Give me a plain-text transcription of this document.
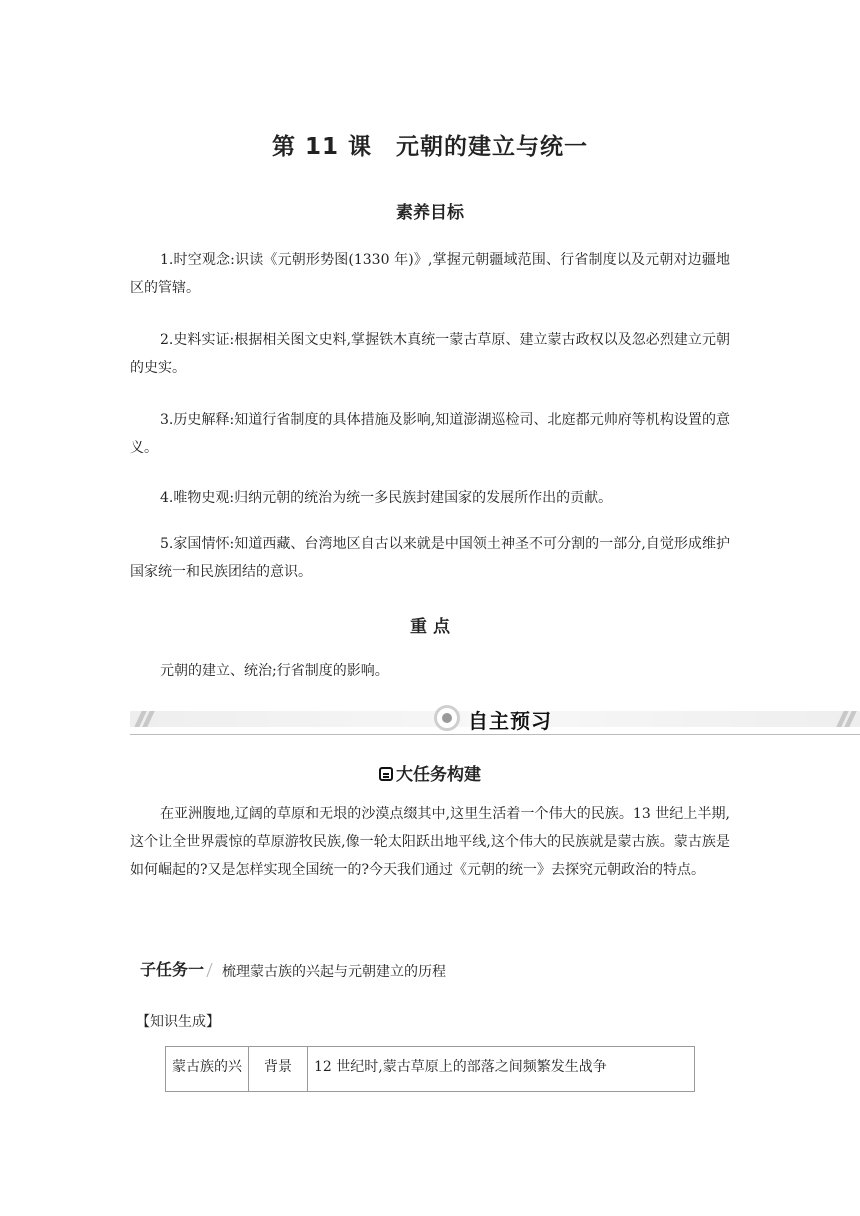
第 11 课　元朝的建立与统一
素养目标
1.时空观念:识读《元朝形势图(1330 年)》,掌握元朝疆域范围、行省制度以及元朝对边疆地区的管辖。
2.史料实证:根据相关图文史料,掌握铁木真统一蒙古草原、建立蒙古政权以及忽必烈建立元朝的史实。
3.历史解释:知道行省制度的具体措施及影响,知道澎湖巡检司、北庭都元帅府等机构设置的意义。
4.唯物史观:归纳元朝的统治为统一多民族封建国家的发展所作出的贡献。
5.家国情怀:知道西藏、台湾地区自古以来就是中国领土神圣不可分割的一部分,自觉形成维护国家统一和民族团结的意识。
重 点
元朝的建立、统治;行省制度的影响。
自主预习
大任务构建
在亚洲腹地,辽阔的草原和无垠的沙漠点缀其中,这里生活着一个伟大的民族。13 世纪上半期,这个让全世界震惊的草原游牧民族,像一轮太阳跃出地平线,这个伟大的民族就是蒙古族。蒙古族是如何崛起的?又是怎样实现全国统一的?今天我们通过《元朝的统一》去探究元朝政治的特点。
子任务一 梳理蒙古族的兴起与元朝建立的历程
【知识生成】
蒙古族的兴	背景	12 世纪时,蒙古草原上的部落之间频繁发生战争
